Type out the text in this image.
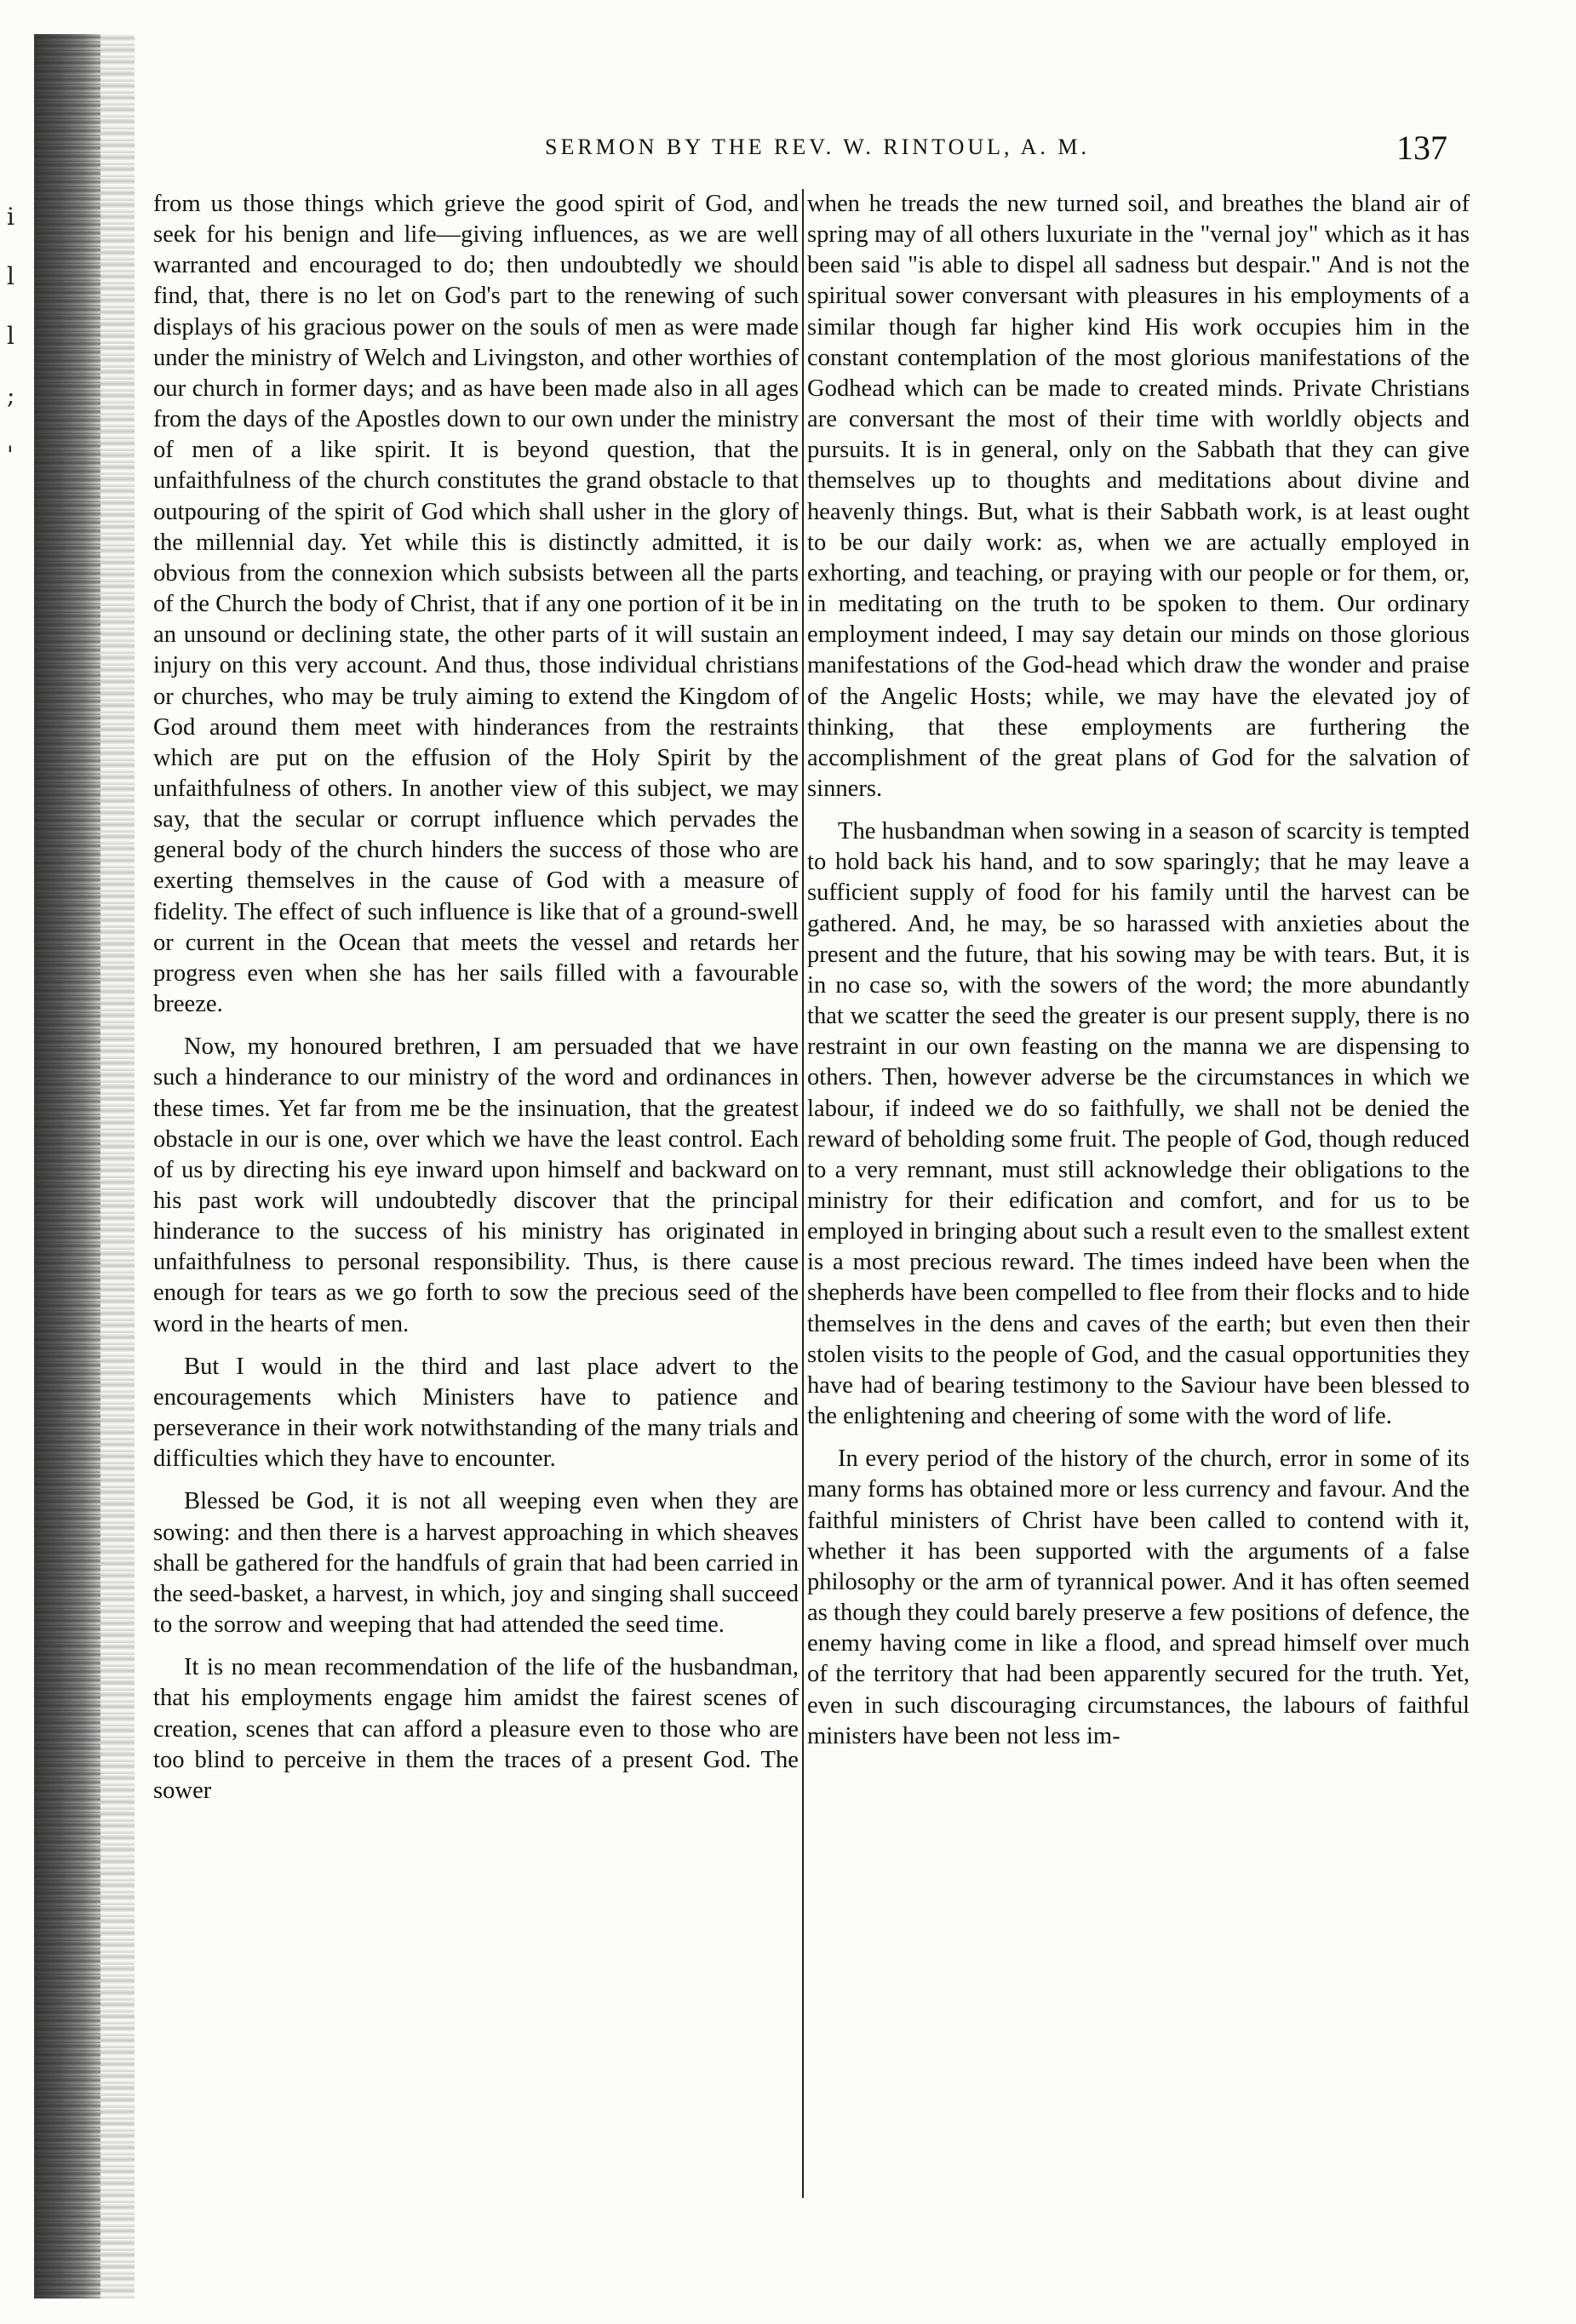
i
l
l
;
'
SERMON BY THE REV. W. RINTOUL, A. M.	137

from us those things which grieve the good spirit of God, and seek for his benign and life—giving influences, as we are well warranted and encouraged to do; then undoubtedly we should find, that, there is no let on God's part to the renewing of such displays of his gracious power on the souls of men as were made under the ministry of Welch and Livingston, and other worthies of our church in former days; and as have been made also in all ages from the days of the Apostles down to our own under the ministry of men of a like spirit. It is beyond question, that the unfaithfulness of the church constitutes the grand obstacle to that outpouring of the spirit of God which shall usher in the glory of the millennial day. Yet while this is distinctly admitted, it is obvious from the connexion which subsists between all the parts of the Church the body of Christ, that if any one portion of it be in an unsound or declining state, the other parts of it will sustain an injury on this very account. And thus, those individual christians or churches, who may be truly aiming to extend the Kingdom of God around them meet with hinderances from the restraints which are put on the effusion of the Holy Spirit by the unfaithfulness of others. In another view of this subject, we may say, that the secular or corrupt influence which pervades the general body of the church hinders the success of those who are exerting themselves in the cause of God with a measure of fidelity. The effect of such influence is like that of a ground-swell or current in the Ocean that meets the vessel and retards her progress even when she has her sails filled with a favourable breeze.

Now, my honoured brethren, I am persuaded that we have such a hinderance to our ministry of the word and ordinances in these times. Yet far from me be the insinuation, that the greatest obstacle in our is one, over which we have the least control. Each of us by directing his eye inward upon himself and backward on his past work will undoubtedly discover that the principal hinderance to the success of his ministry has originated in unfaithfulness to personal responsibility. Thus, is there cause enough for tears as we go forth to sow the precious seed of the word in the hearts of men.

But I would in the third and last place advert to the encouragements which Ministers have to patience and perseverance in their work notwithstanding of the many trials and difficulties which they have to encounter.

Blessed be God, it is not all weeping even when they are sowing: and then there is a harvest approaching in which sheaves shall be gathered for the handfuls of grain that had been carried in the seed-basket, a harvest, in which, joy and singing shall succeed to the sorrow and weeping that had attended the seed time.

It is no mean recommendation of the life of the husbandman, that his employments engage him amidst the fairest scenes of creation, scenes that can afford a pleasure even to those who are too blind to perceive in them the traces of a present God. The sower

when he treads the new turned soil, and breathes the bland air of spring may of all others luxuriate in the "vernal joy" which as it has been said "is able to dispel all sadness but despair." And is not the spiritual sower conversant with pleasures in his employments of a similar though far higher kind His work occupies him in the constant contemplation of the most glorious manifestations of the Godhead which can be made to created minds. Private Christians are conversant the most of their time with worldly objects and pursuits. It is in general, only on the Sabbath that they can give themselves up to thoughts and meditations about divine and heavenly things. But, what is their Sabbath work, is at least ought to be our daily work: as, when we are actually employed in exhorting, and teaching, or praying with our people or for them, or, in meditating on the truth to be spoken to them. Our ordinary employment indeed, I may say detain our minds on those glorious manifestations of the God-head which draw the wonder and praise of the Angelic Hosts; while, we may have the elevated joy of thinking, that these employments are furthering the accomplishment of the great plans of God for the salvation of sinners.

The husbandman when sowing in a season of scarcity is tempted to hold back his hand, and to sow sparingly; that he may leave a sufficient supply of food for his family until the harvest can be gathered. And, he may, be so harassed with anxieties about the present and the future, that his sowing may be with tears. But, it is in no case so, with the sowers of the word; the more abundantly that we scatter the seed the greater is our present supply, there is no restraint in our own feasting on the manna we are dispensing to others. Then, however adverse be the circumstances in which we labour, if indeed we do so faithfully, we shall not be denied the reward of beholding some fruit. The people of God, though reduced to a very remnant, must still acknowledge their obligations to the ministry for their edification and comfort, and for us to be employed in bringing about such a result even to the smallest extent is a most precious reward. The times indeed have been when the shepherds have been compelled to flee from their flocks and to hide themselves in the dens and caves of the earth; but even then their stolen visits to the people of God, and the casual opportunities they have had of bearing testimony to the Saviour have been blessed to the enlightening and cheering of some with the word of life.

In every period of the history of the church, error in some of its many forms has obtained more or less currency and favour. And the faithful ministers of Christ have been called to contend with it, whether it has been supported with the arguments of a false philosophy or the arm of tyrannical power. And it has often seemed as though they could barely preserve a few positions of defence, the enemy having come in like a flood, and spread himself over much of the territory that had been apparently secured for the truth. Yet, even in such discouraging circumstances, the labours of faithful ministers have been not less im-
